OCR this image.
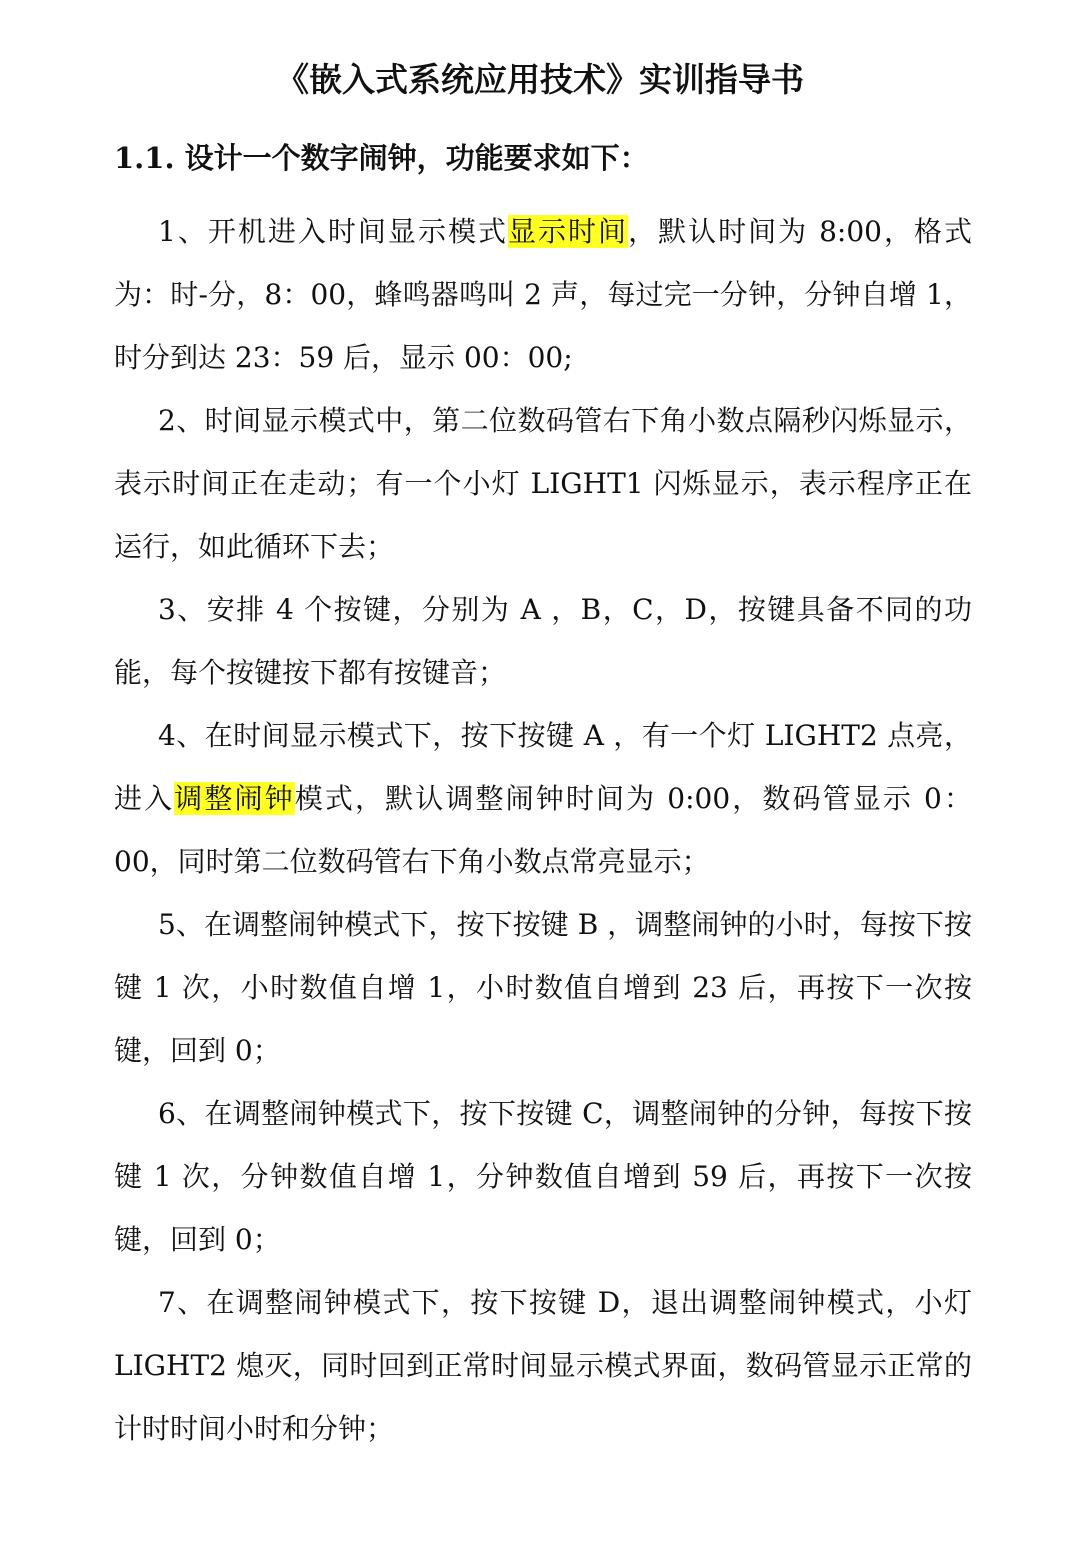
《嵌入式系统应用技术》实训指导书
1.1. 设计一个数字闹钟，功能要求如下：

1、开机进入时间显示模式显示时间，默认时间为 8:00，格式为：时-分，8：00，蜂鸣器鸣叫 2 声，每过完一分钟，分钟自增 1，时分到达 23：59 后，显示 00：00;

2、时间显示模式中，第二位数码管右下角小数点隔秒闪烁显示，表示时间正在走动；有一个小灯 LIGHT1 闪烁显示，表示程序正在运行，如此循环下去；

3、安排 4 个按键，分别为 A ，B，C，D，按键具备不同的功能，每个按键按下都有按键音；

4、在时间显示模式下，按下按键 A ，有一个灯 LIGHT2 点亮，进入调整闹钟模式，默认调整闹钟时间为 0:00，数码管显示 0：00，同时第二位数码管右下角小数点常亮显示；

5、在调整闹钟模式下，按下按键 B ，调整闹钟的小时，每按下按键 1 次，小时数值自增 1，小时数值自增到 23 后，再按下一次按键，回到 0；

6、在调整闹钟模式下，按下按键 C，调整闹钟的分钟，每按下按键 1 次，分钟数值自增 1，分钟数值自增到 59 后，再按下一次按键，回到 0；

7、在调整闹钟模式下，按下按键 D，退出调整闹钟模式，小灯LIGHT2 熄灭，同时回到正常时间显示模式界面，数码管显示正常的计时时间小时和分钟；
